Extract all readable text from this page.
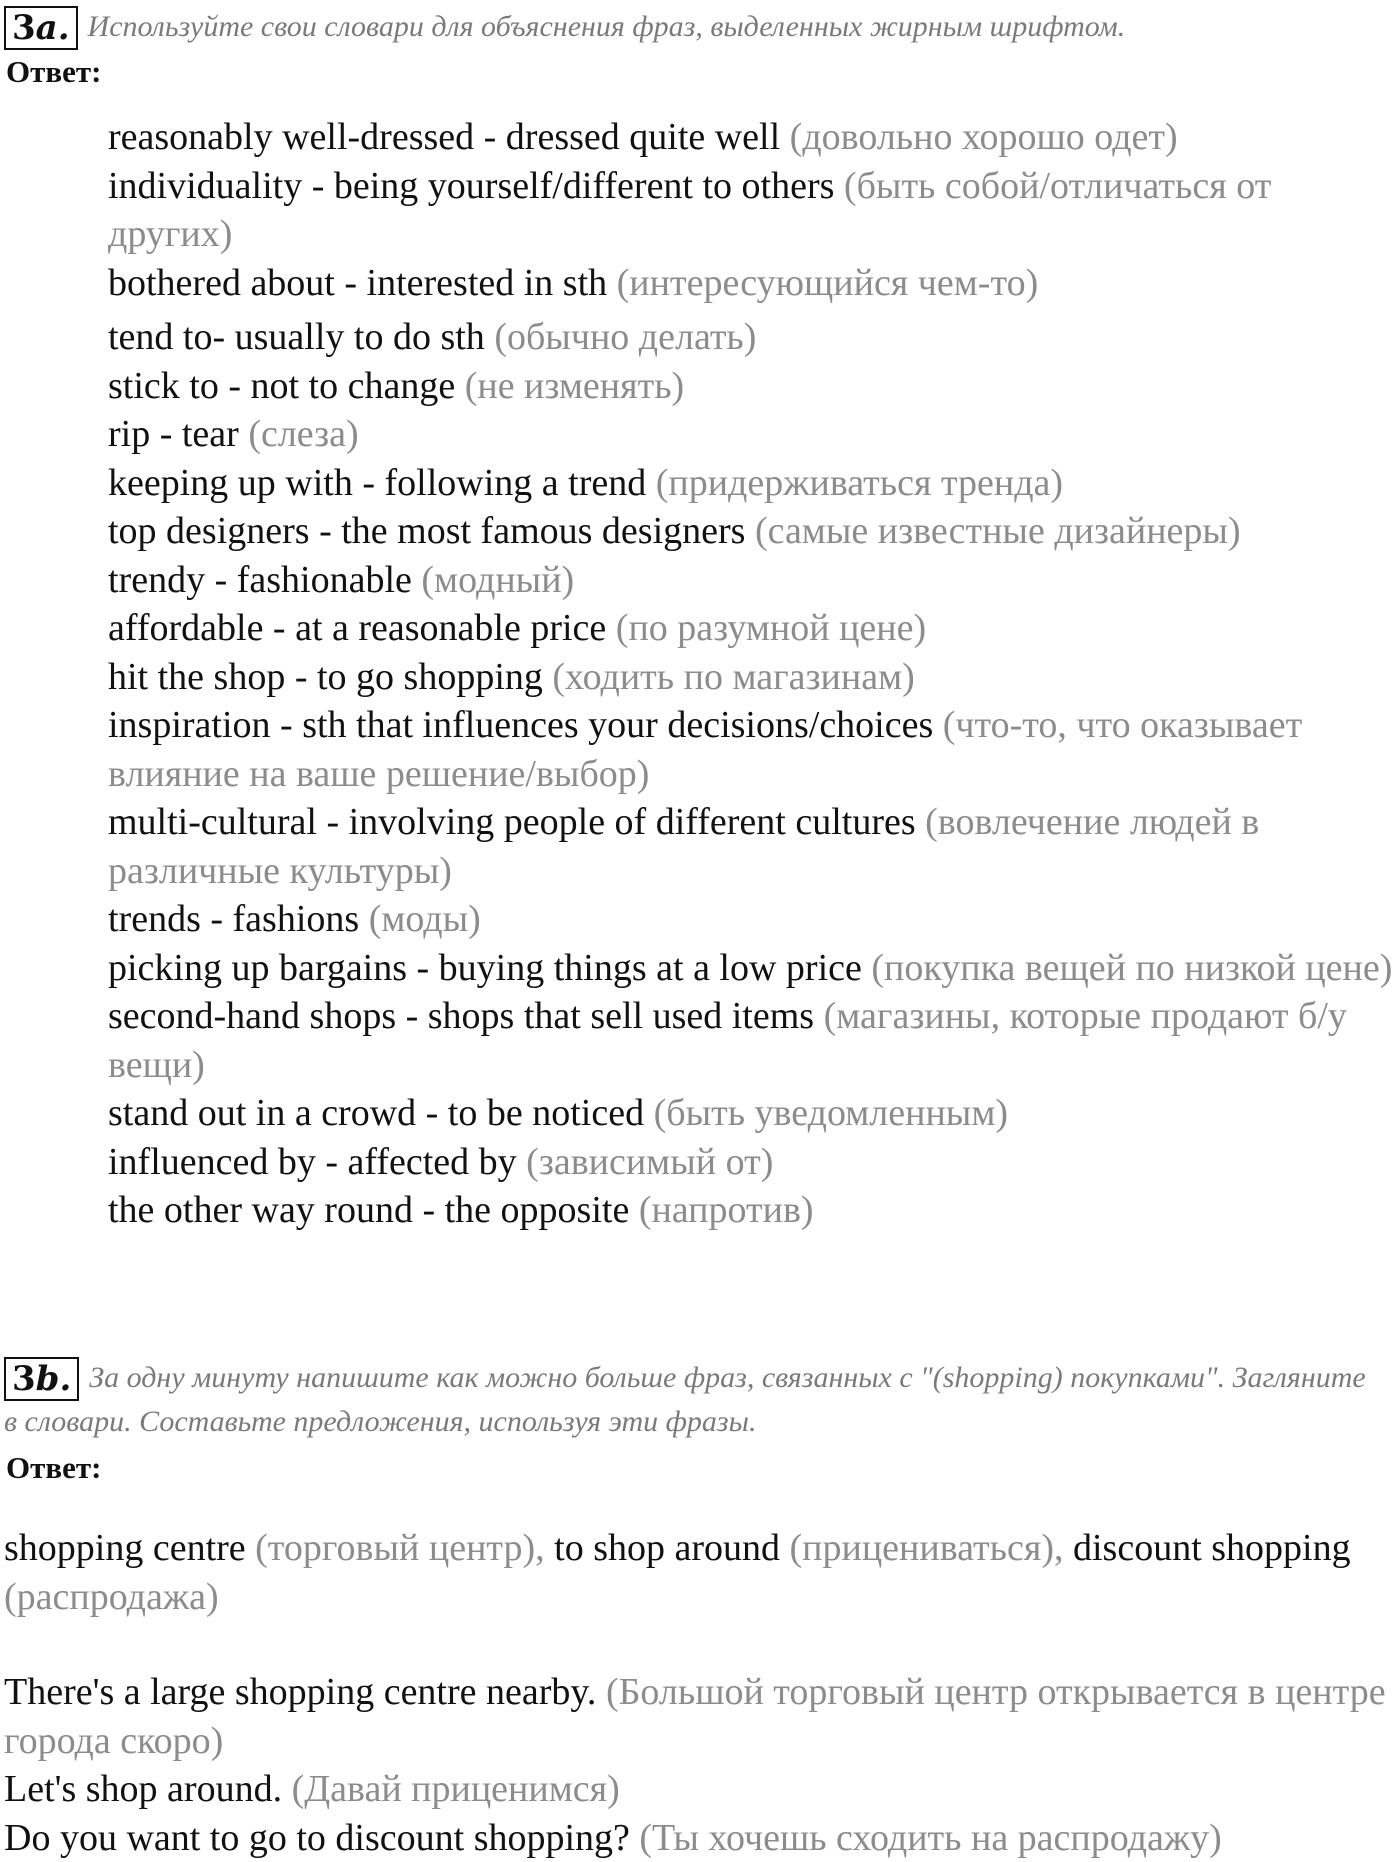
3a. Используйте свои словари для объяснения фраз, выделенных жирным шрифтом.
Ответ:
reasonably well-dressed - dressed quite well (довольно хорошо одет)
individuality - being yourself/different to others (быть собой/отличаться от других)
bothered about - interested in sth (интересующийся чем-то)
tend to- usually to do sth (обычно делать)
stick to - not to change (не изменять)
rip - tear (слеза)
keeping up with - following a trend (придерживаться тренда)
top designers - the most famous designers (самые известные дизайнеры)
trendy - fashionable (модный)
affordable - at a reasonable price (по разумной цене)
hit the shop - to go shopping (ходить по магазинам)
inspiration - sth that influences your decisions/choices (что-то, что оказывает влияние на ваше решение/выбор)
multi-cultural - involving people of different cultures (вовлечение людей в различные культуры)
trends - fashions (моды)
picking up bargains - buying things at a low price (покупка вещей по низкой цене)
second-hand shops - shops that sell used items (магазины, которые продают б/у вещи)
stand out in a crowd - to be noticed (быть уведомленным)
influenced by - affected by (зависимый от)
the other way round - the opposite (напротив)
3b. За одну минуту напишите как можно больше фраз, связанных с "(shopping) покупками". Загляните в словари. Составьте предложения, используя эти фразы.
Ответ:

shopping centre (торговый центр), to shop around (прицениваться), discount shopping (распродажа)

There's a large shopping centre nearby. (Большой торговый центр открывается в центре города скоро)
Let's shop around. (Давай приценимся)
Do you want to go to discount shopping? (Ты хочешь сходить на распродажу)
